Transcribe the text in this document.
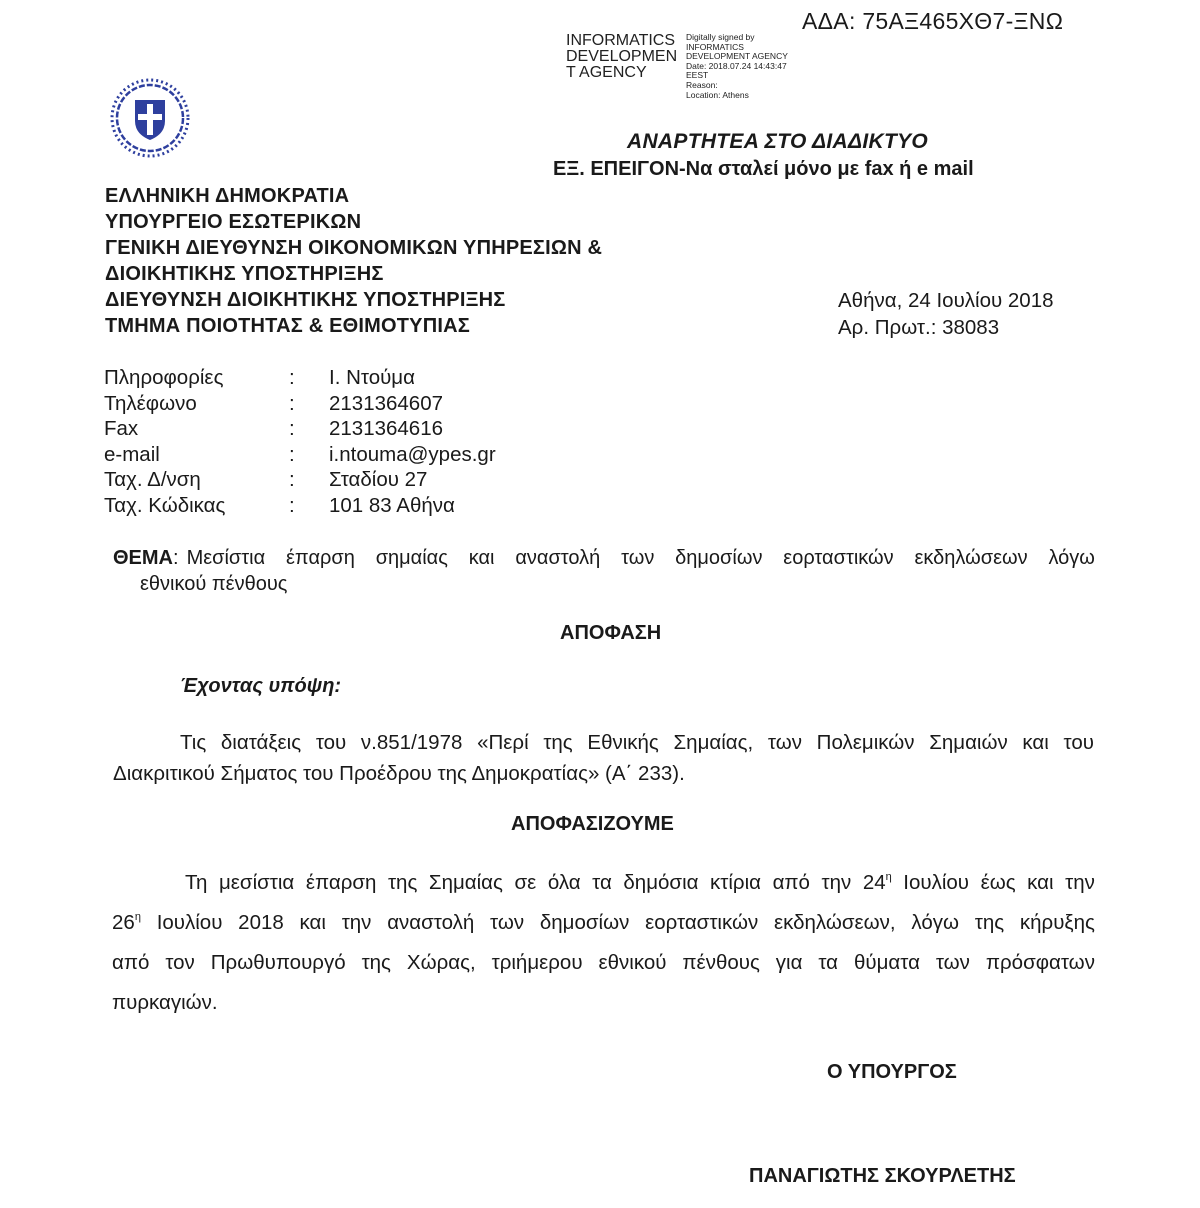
ΑΔΑ: 75ΑΞ465ΧΘ7-ΞΝΩ
INFORMATICS
DEVELOPMEN
T AGENCY
Digitally signed by
INFORMATICS
DEVELOPMENT AGENCY
Date: 2018.07.24 14:43:47
EEST
Reason:
Location: Athens
ΑΝΑΡΤΗΤΕΑ ΣΤΟ ΔΙΑΔΙΚΤΥΟ
ΕΞ. ΕΠΕΙΓΟΝ-Να σταλεί μόνο με fax ή e mail
ΕΛΛΗΝΙΚΗ ΔΗΜΟΚΡΑΤΙΑ
ΥΠΟΥΡΓΕΙΟ ΕΣΩΤΕΡΙΚΩΝ
ΓΕΝΙΚΗ ΔΙΕΥΘΥΝΣΗ ΟΙΚΟΝΟΜΙΚΩΝ ΥΠΗΡΕΣΙΩΝ &
ΔΙΟΙΚΗΤΙΚΗΣ ΥΠΟΣΤΗΡΙΞΗΣ
ΔΙΕΥΘΥΝΣΗ ΔΙΟΙΚΗΤΙΚΗΣ ΥΠΟΣΤΗΡΙΞΗΣ
ΤΜΗΜΑ ΠΟΙΟΤΗΤΑΣ & ΕΘΙΜΟΤΥΠΙΑΣ
Αθήνα, 24 Ιουλίου 2018
Αρ. Πρωτ.: 38083
Πληροφορίες	: Ι. Ντούμα
Τηλέφωνο	: 2131364607
Fax	: 2131364616
e-mail	: i.ntouma@ypes.gr
Ταχ. Δ/νση	: Σταδίου 27
Ταχ. Κώδικας	: 101 83 Αθήνα
ΘΕΜΑ: Μεσίστια έπαρση σημαίας και αναστολή των δημοσίων εορταστικών εκδηλώσεων λόγω
εθνικού πένθους
ΑΠΟΦΑΣΗ
Έχοντας υπόψη:
Τις διατάξεις του ν.851/1978 «Περί της Εθνικής Σημαίας, των Πολεμικών Σημαιών και του
Διακριτικού Σήματος του Προέδρου της Δημοκρατίας» (Α΄ 233).
ΑΠΟΦΑΣΙΖΟΥΜΕ
Τη μεσίστια έπαρση της Σημαίας σε όλα τα δημόσια κτίρια από την $24^\eta$ Ιουλίου έως και την
$26^\eta$ Ιουλίου 2018 και την αναστολή των δημοσίων εορταστικών εκδηλώσεων, λόγω της κήρυξης
από τον Πρωθυπουργό της Χώρας, τριήμερου εθνικού πένθους για τα θύματα των πρόσφατων
πυρκαγιών.
Ο ΥΠΟΥΡΓΟΣ
ΠΑΝΑΓΙΩΤΗΣ ΣΚΟΥΡΛΕΤΗΣ
